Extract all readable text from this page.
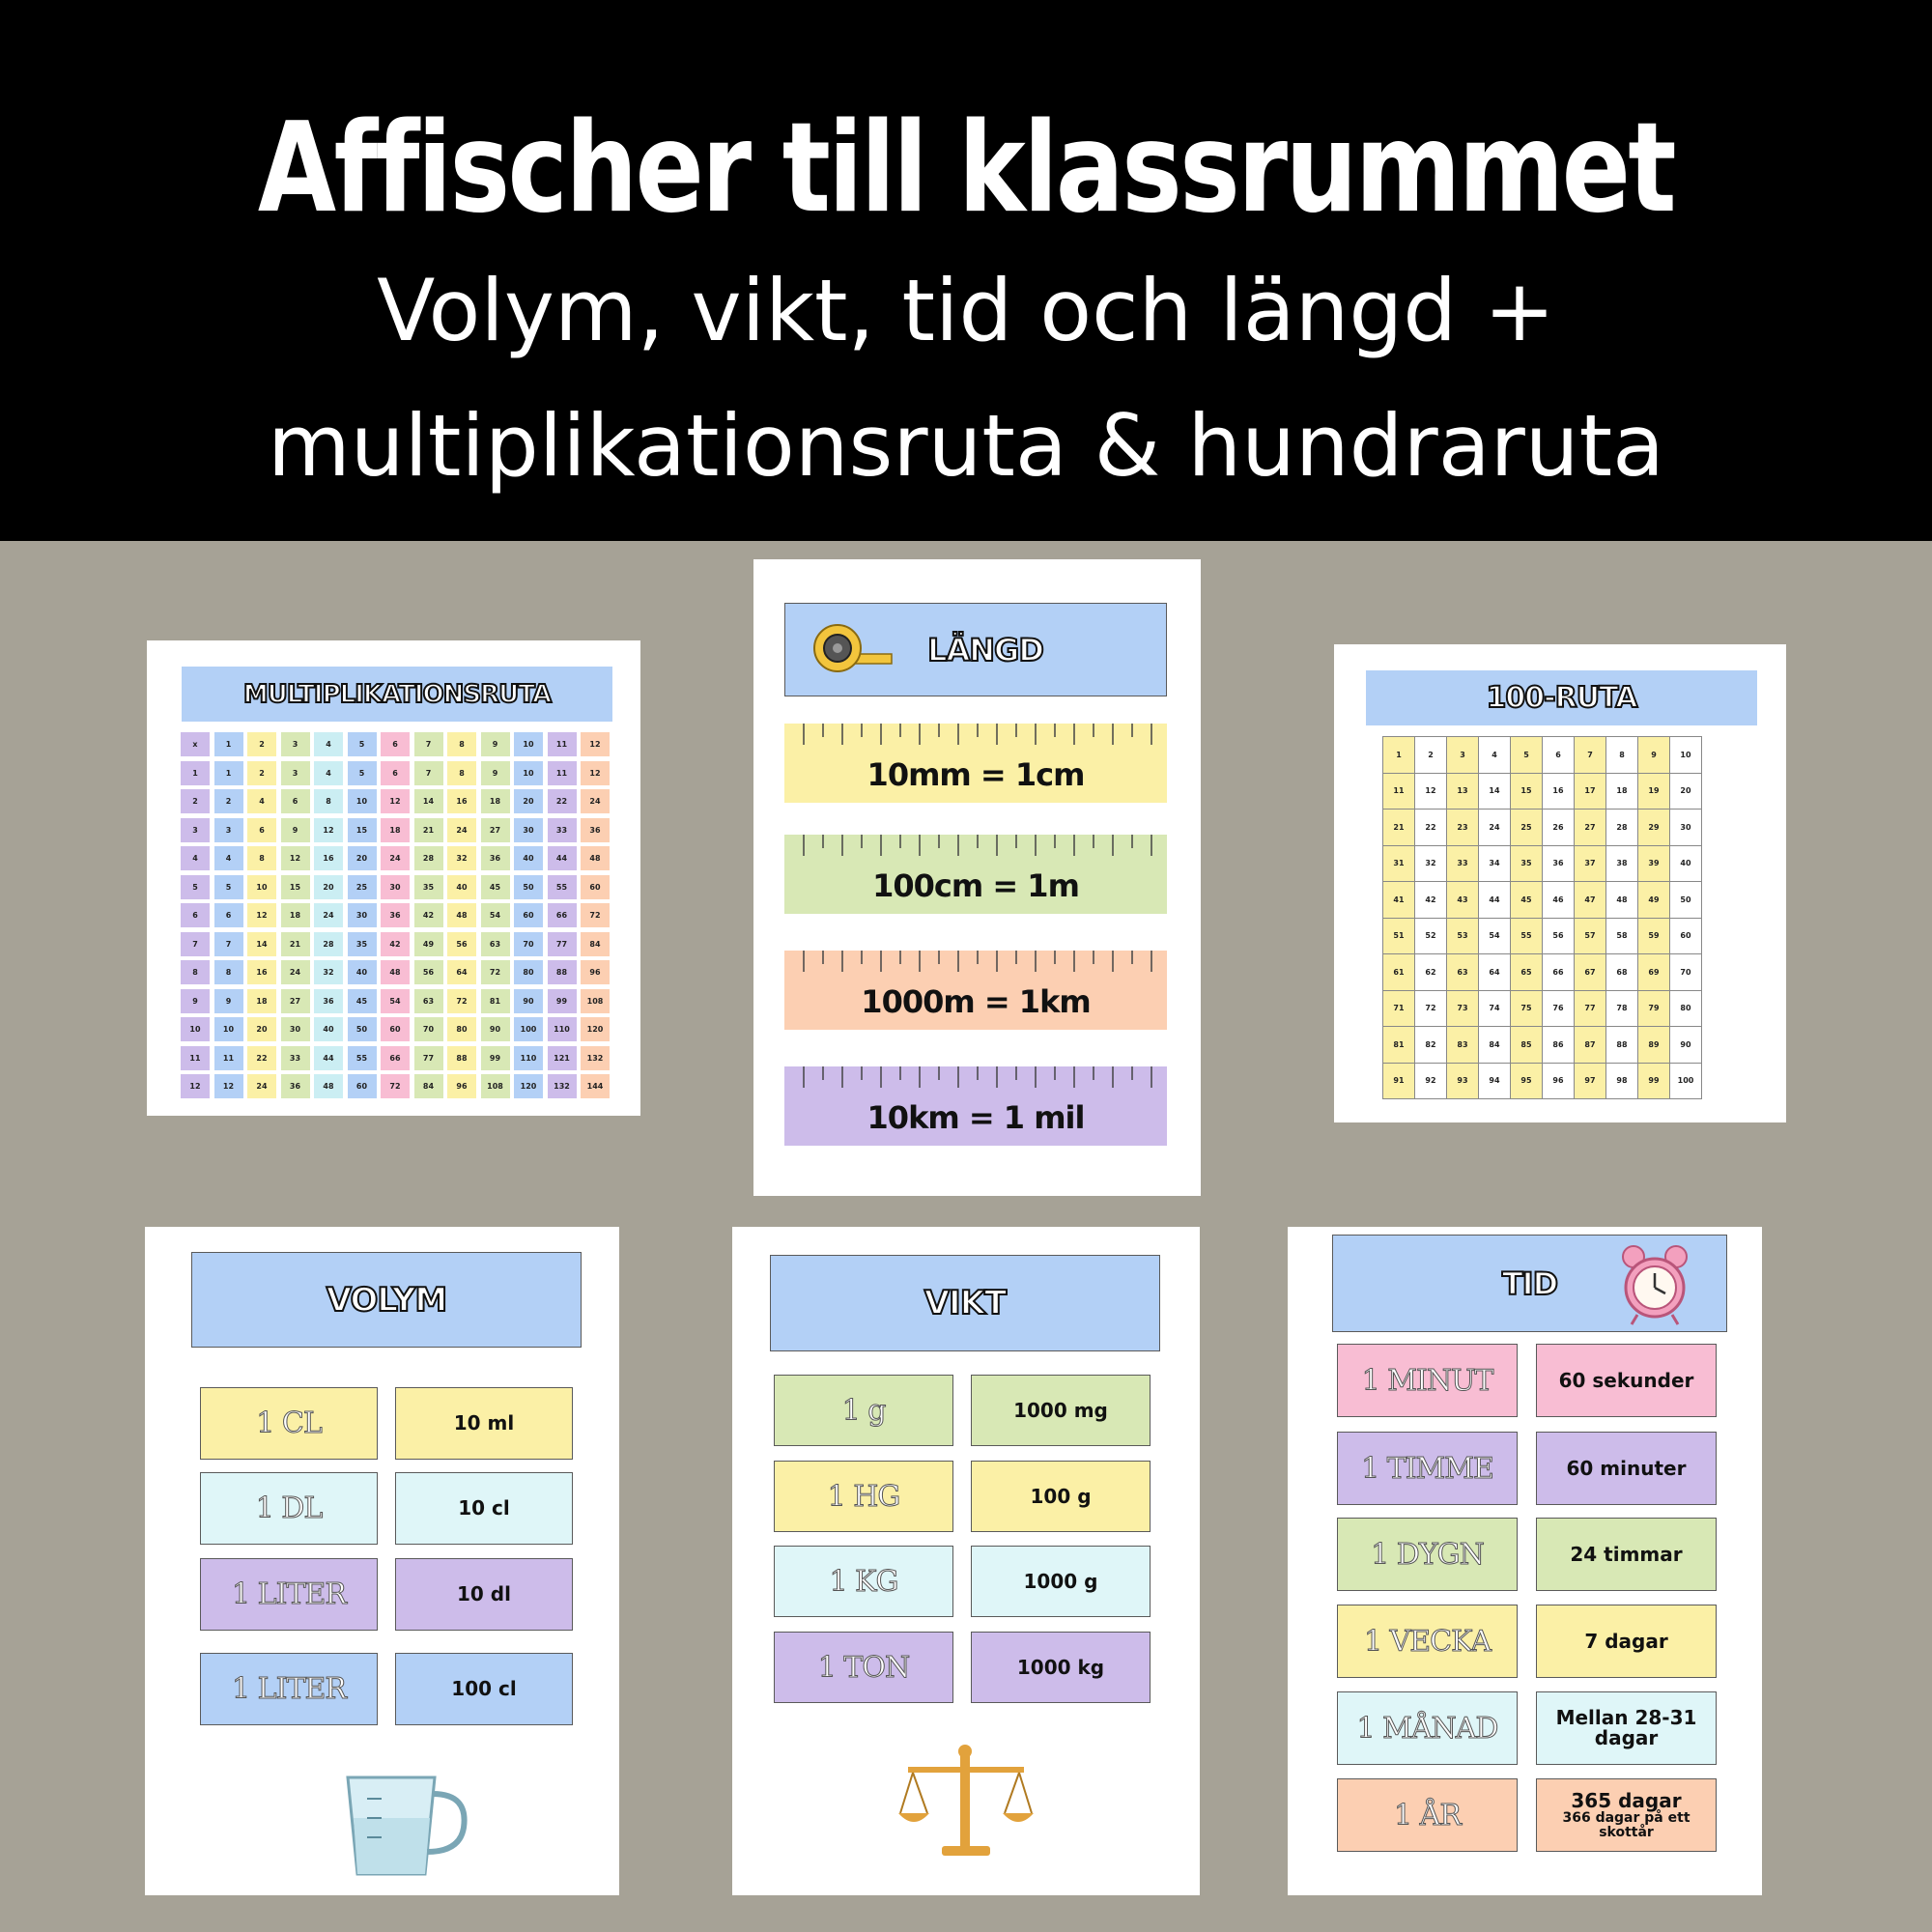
Affischer till klassrummet
Volym, vikt, tid och längd +
multiplikationsruta & hundraruta
MULTIPLIKATIONSRUTA
x	1	2	3	4	5	6	7	8	9	10	11	12
1	1	2	3	4	5	6	7	8	9	10	11	12
2	2	4	6	8	10	12	14	16	18	20	22	24
3	3	6	9	12	15	18	21	24	27	30	33	36
4	4	8	12	16	20	24	28	32	36	40	44	48
5	5	10	15	20	25	30	35	40	45	50	55	60
6	6	12	18	24	30	36	42	48	54	60	66	72
7	7	14	21	28	35	42	49	56	63	70	77	84
8	8	16	24	32	40	48	56	64	72	80	88	96
9	9	18	27	36	45	54	63	72	81	90	99	108
10	10	20	30	40	50	60	70	80	90	100	110	120
11	11	22	33	44	55	66	77	88	99	110	121	132
12	12	24	36	48	60	72	84	96	108	120	132	144
LÄNGD
10mm = 1cm
100cm = 1m
1000m = 1km
10km = 1 mil
100-RUTA
1	2	3	4	5	6	7	8	9	10
11	12	13	14	15	16	17	18	19	20
21	22	23	24	25	26	27	28	29	30
31	32	33	34	35	36	37	38	39	40
41	42	43	44	45	46	47	48	49	50
51	52	53	54	55	56	57	58	59	60
61	62	63	64	65	66	67	68	69	70
71	72	73	74	75	76	77	78	79	80
81	82	83	84	85	86	87	88	89	90
91	92	93	94	95	96	97	98	99	100
VOLYM
1 CL	10 ml
1 DL	10 cl
1 LITER	10 dl
1 LITER	100 cl
VIKT
1 g	1000 mg
1 HG	100 g
1 KG	1000 g
1 TON	1000 kg
TID
1 MINUT	60 sekunder
1 TIMME	60 minuter
1 DYGN	24 timmar
1 VECKA	7 dagar
1 MÅNAD	Mellan 28-31 dagar
1 ÅR	365 dagar
366 dagar på ett skottår
